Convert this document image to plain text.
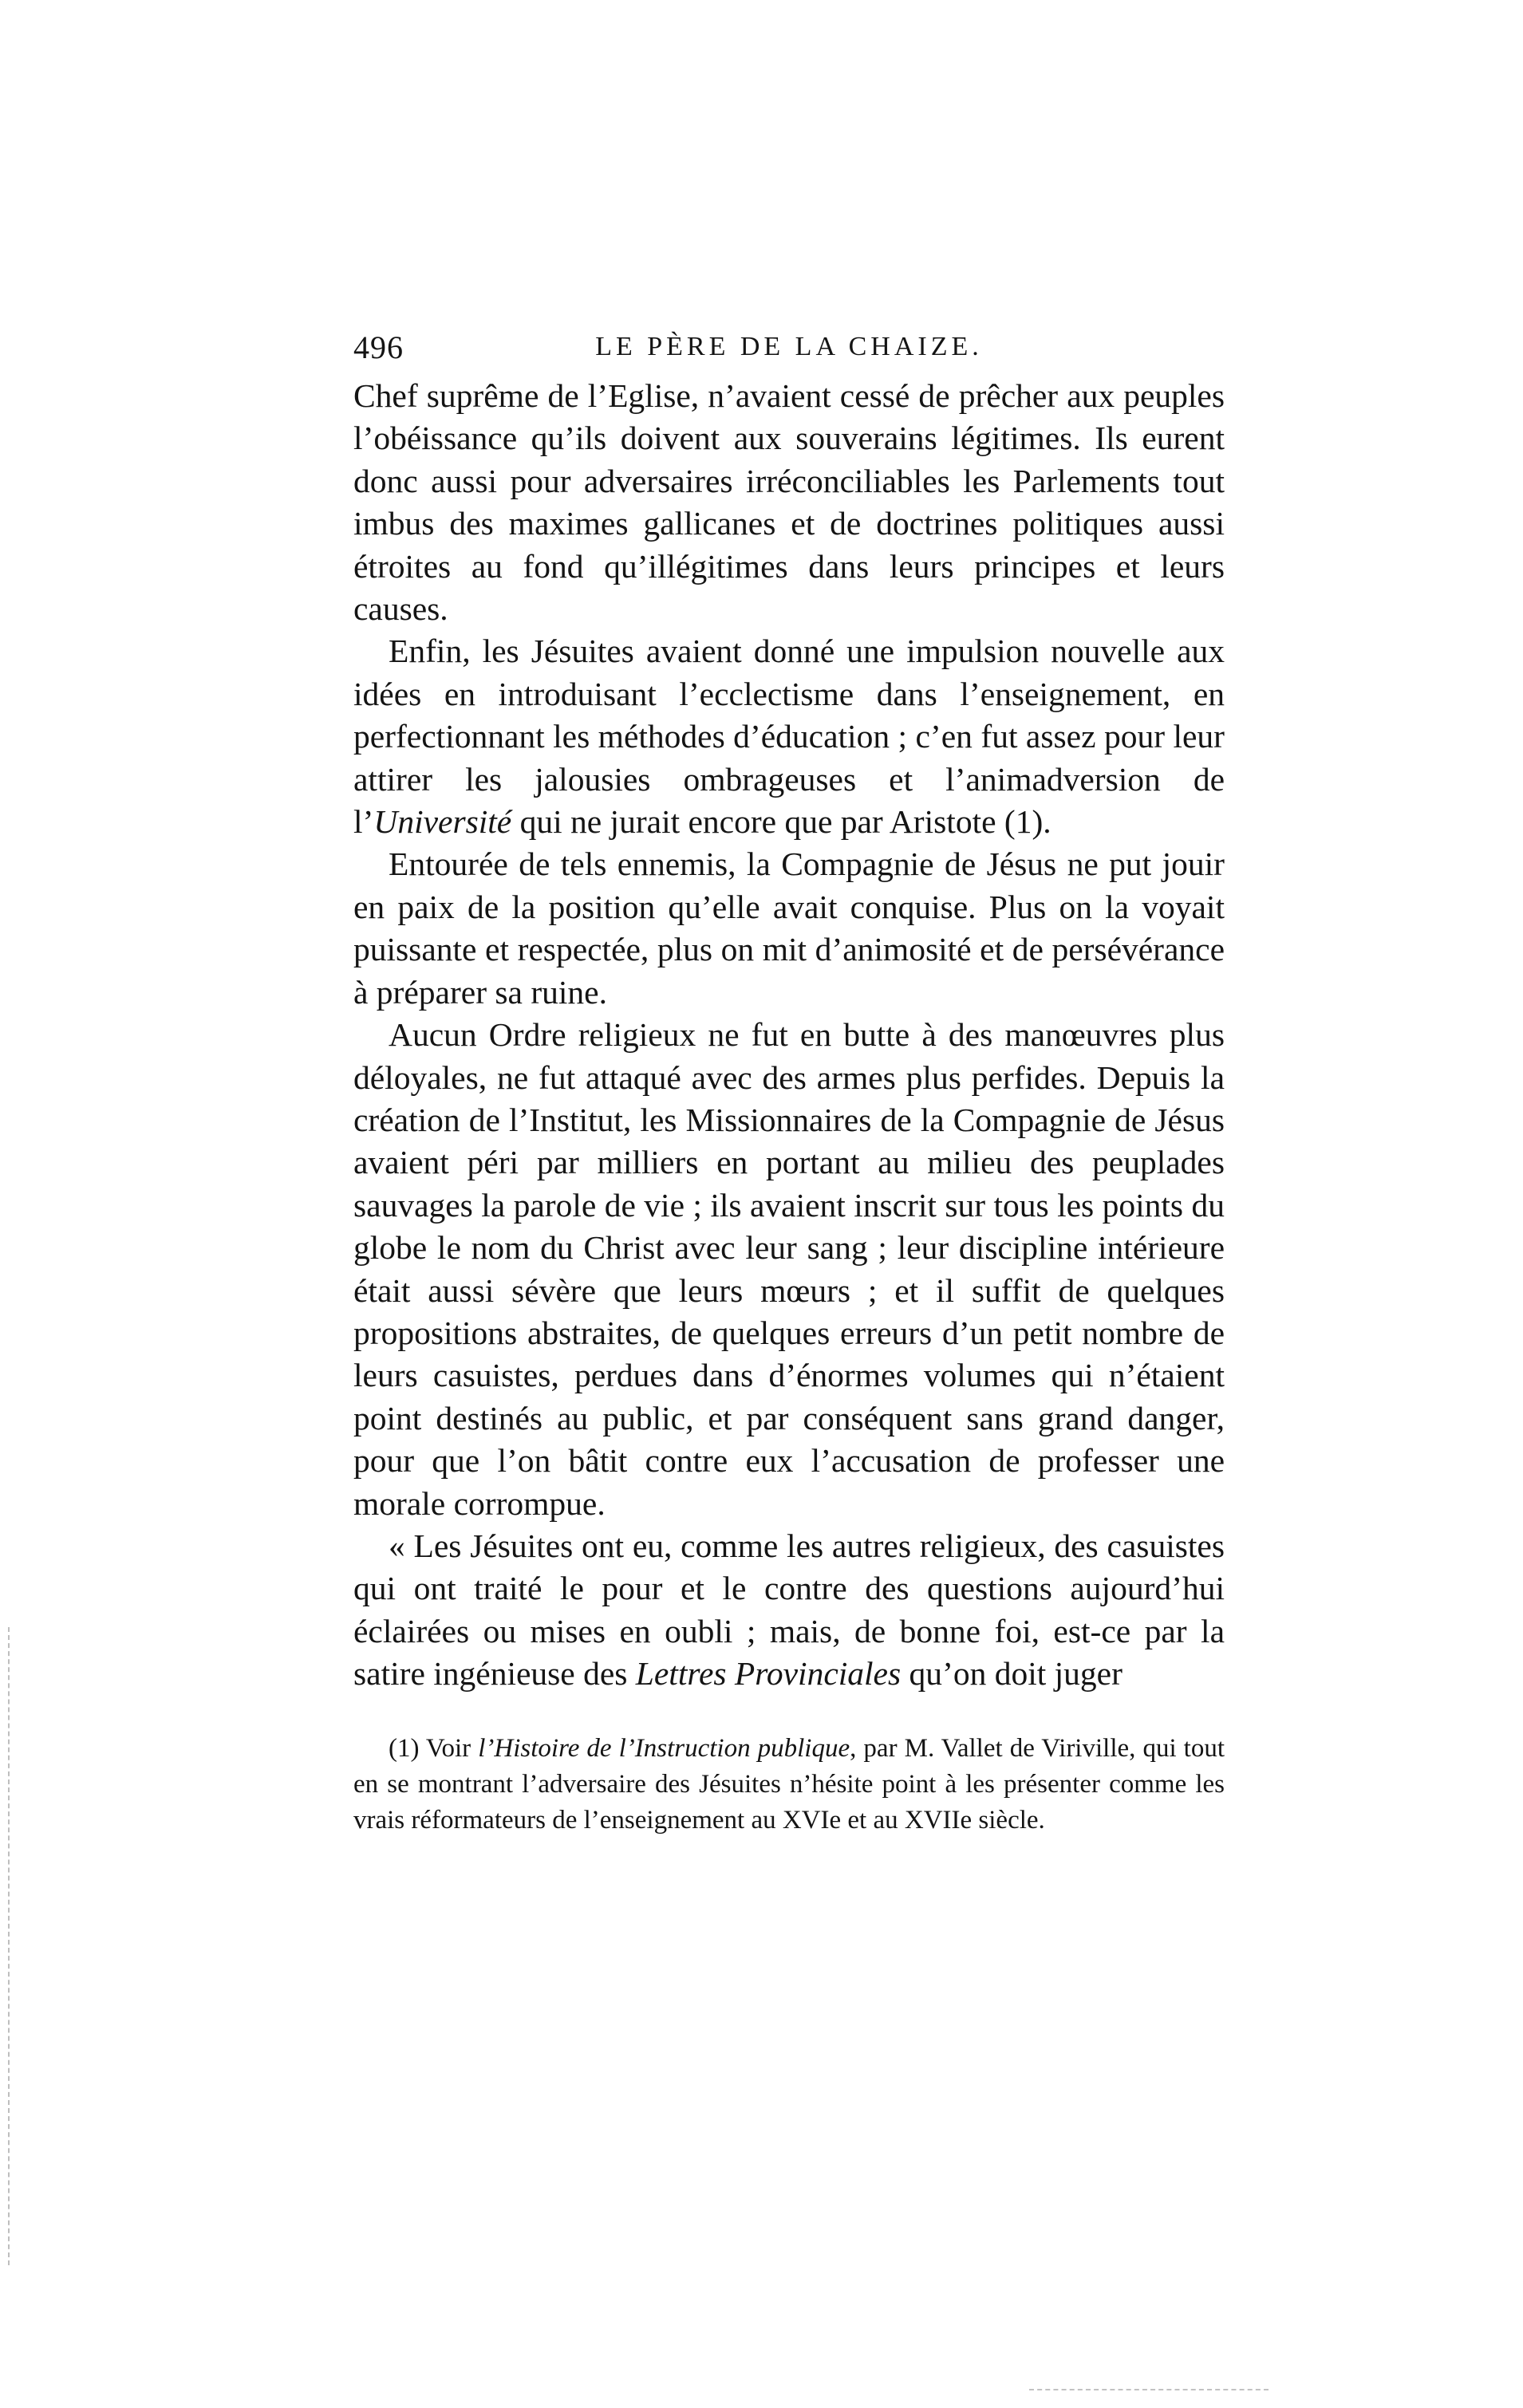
496	LE PÈRE DE LA CHAIZE.

Chef suprême de l’Eglise, n’avaient cessé de prêcher aux peuples l’obéissance qu’ils doivent aux souverains légitimes. Ils eurent donc aussi pour adversaires irréconciliables les Parlements tout imbus des maximes gallicanes et de doctrines politiques aussi étroites au fond qu’illégitimes dans leurs principes et leurs causes.

Enfin, les Jésuites avaient donné une impulsion nouvelle aux idées en introduisant l’ecclectisme dans l’enseignement, en perfectionnant les méthodes d’éducation ; c’en fut assez pour leur attirer les jalousies ombrageuses et l’animadversion de l’Université qui ne jurait encore que par Aristote (1).

Entourée de tels ennemis, la Compagnie de Jésus ne put jouir en paix de la position qu’elle avait conquise. Plus on la voyait puissante et respectée, plus on mit d’animosité et de persévérance à préparer sa ruine.

Aucun Ordre religieux ne fut en butte à des manœuvres plus déloyales, ne fut attaqué avec des armes plus perfides. Depuis la création de l’Institut, les Missionnaires de la Compagnie de Jésus avaient péri par milliers en portant au milieu des peuplades sauvages la parole de vie ; ils avaient inscrit sur tous les points du globe le nom du Christ avec leur sang ; leur discipline intérieure était aussi sévère que leurs mœurs ; et il suffit de quelques propositions abstraites, de quelques erreurs d’un petit nombre de leurs casuistes, perdues dans d’énormes volumes qui n’étaient point destinés au public, et par conséquent sans grand danger, pour que l’on bâtit contre eux l’accusation de professer une morale corrompue.

« Les Jésuites ont eu, comme les autres religieux, des casuistes qui ont traité le pour et le contre des questions aujourd’hui éclairées ou mises en oubli ; mais, de bonne foi, est-ce par la satire ingénieuse des Lettres Provinciales qu’on doit juger

(1) Voir l’Histoire de l’Instruction publique, par M. Vallet de Viriville, qui tout en se montrant l’adversaire des Jésuites n’hésite point à les présenter comme les vrais réformateurs de l’enseignement au XVIe et au XVIIe siècle.
